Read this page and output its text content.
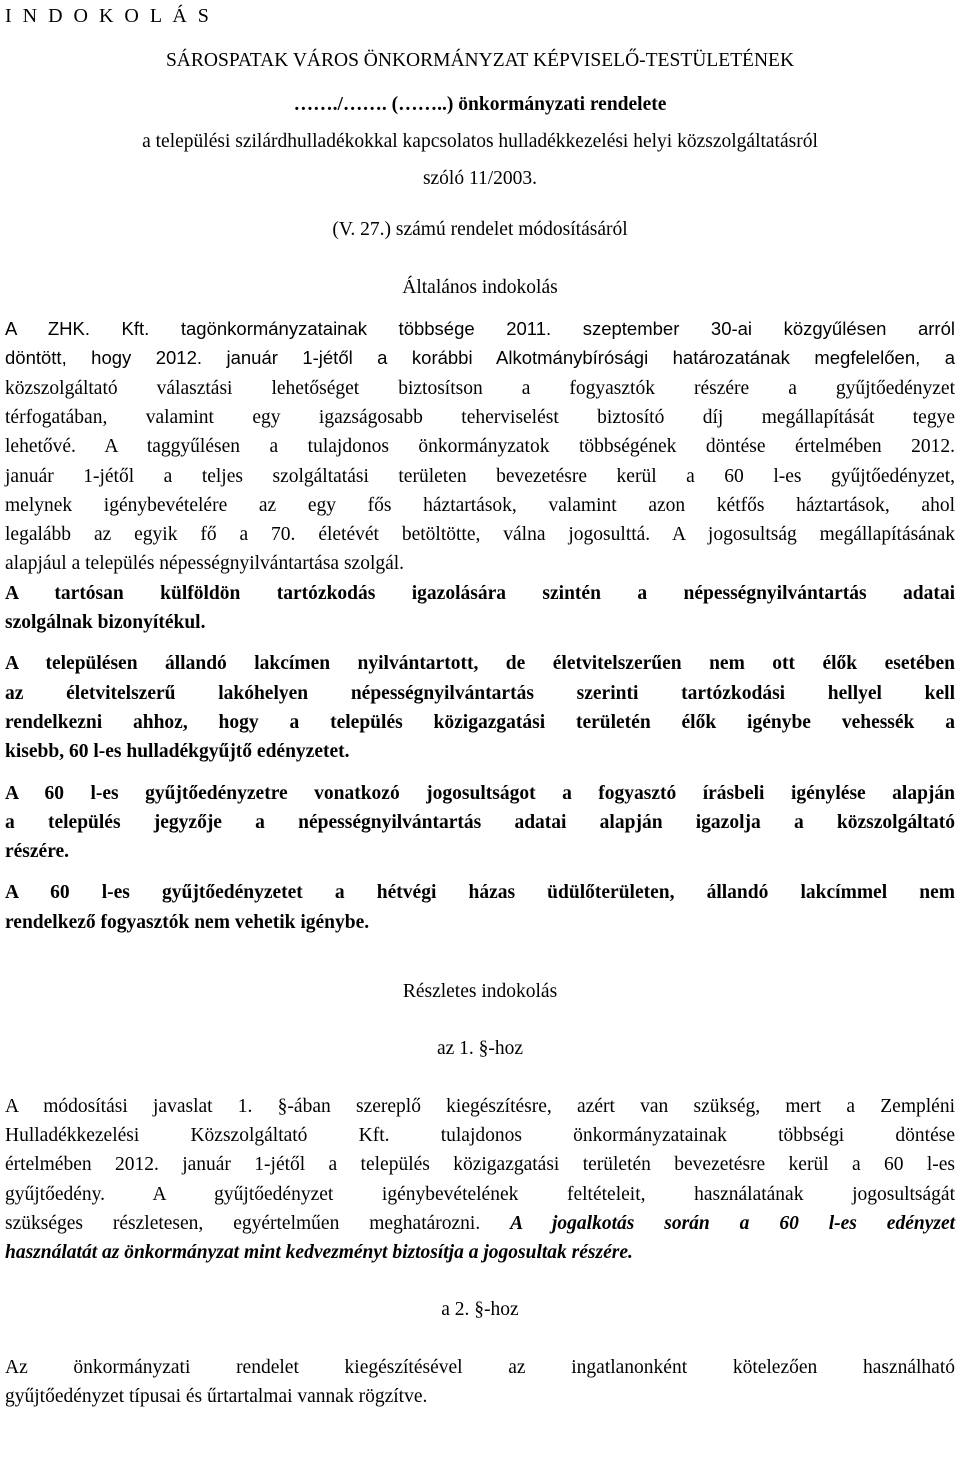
I N D O K O L Á S
SÁROSPATAK VÁROS ÖNKORMÁNYZAT KÉPVISELŐ-TESTÜLETÉNEK
……./……. (……..) önkormányzati rendelete
a települési szilárdhulladékokkal kapcsolatos hulladékkezelési helyi közszolgáltatásról
szóló 11/2003.
(V. 27.) számú rendelet módosításáról
Általános indokolás
A ZHK. Kft. tagönkormányzatainak többsége 2011. szeptember 30-ai közgyűlésen arról
döntött, hogy 2012. január 1-jétől a korábbi Alkotmánybírósági határozatának megfelelően, a
közszolgáltató választási lehetőséget biztosítson a fogyasztók részére a gyűjtőedényzet
térfogatában, valamint egy igazságosabb teherviselést biztosító díj megállapítását tegye
lehetővé. A taggyűlésen a tulajdonos önkormányzatok többségének döntése értelmében 2012.
január 1-jétől a teljes szolgáltatási területen bevezetésre kerül a 60 l-es gyűjtőedényzet,
melynek igénybevételére az egy fős háztartások, valamint azon kétfős háztartások, ahol
legalább az egyik fő a 70. életévét betöltötte, válna jogosulttá. A jogosultság megállapításának
alapjául a település népességnyilvántartása szolgál.
A tartósan külföldön tartózkodás igazolására szintén a népességnyilvántartás adatai
szolgálnak bizonyítékul.
A településen állandó lakcímen nyilvántartott, de életvitelszerűen nem ott élők esetében
az életvitelszerű lakóhelyen népességnyilvántartás szerinti tartózkodási hellyel kell
rendelkezni ahhoz, hogy a település közigazgatási területén élők igénybe vehessék a
kisebb, 60 l-es hulladékgyűjtő edényzetet.
A 60 l-es gyűjtőedényzetre vonatkozó jogosultságot a fogyasztó írásbeli igénylése alapján
a település jegyzője a népességnyilvántartás adatai alapján igazolja a közszolgáltató
részére.
A 60 l-es gyűjtőedényzetet a hétvégi házas üdülőterületen, állandó lakcímmel nem
rendelkező fogyasztók nem vehetik igénybe.
Részletes indokolás
az 1. §-hoz
A módosítási javaslat 1. §-ában szereplő kiegészítésre, azért van szükség, mert a Zempléni
Hulladékkezelési Közszolgáltató Kft. tulajdonos önkormányzatainak többségi döntése
értelmében 2012. január 1-jétől a település közigazgatási területén bevezetésre kerül a 60 l-es
gyűjtőedény. A gyűjtőedényzet igénybevételének feltételeit, használatának jogosultságát
szükséges részletesen, egyértelműen meghatározni. A jogalkotás során a 60 l-es edényzet
használatát az önkormányzat mint kedvezményt biztosítja a jogosultak részére.
a 2. §-hoz
Az önkormányzati rendelet kiegészítésével az ingatlanonként kötelezően használható
gyűjtőedényzet típusai és űrtartalmai vannak rögzítve.
